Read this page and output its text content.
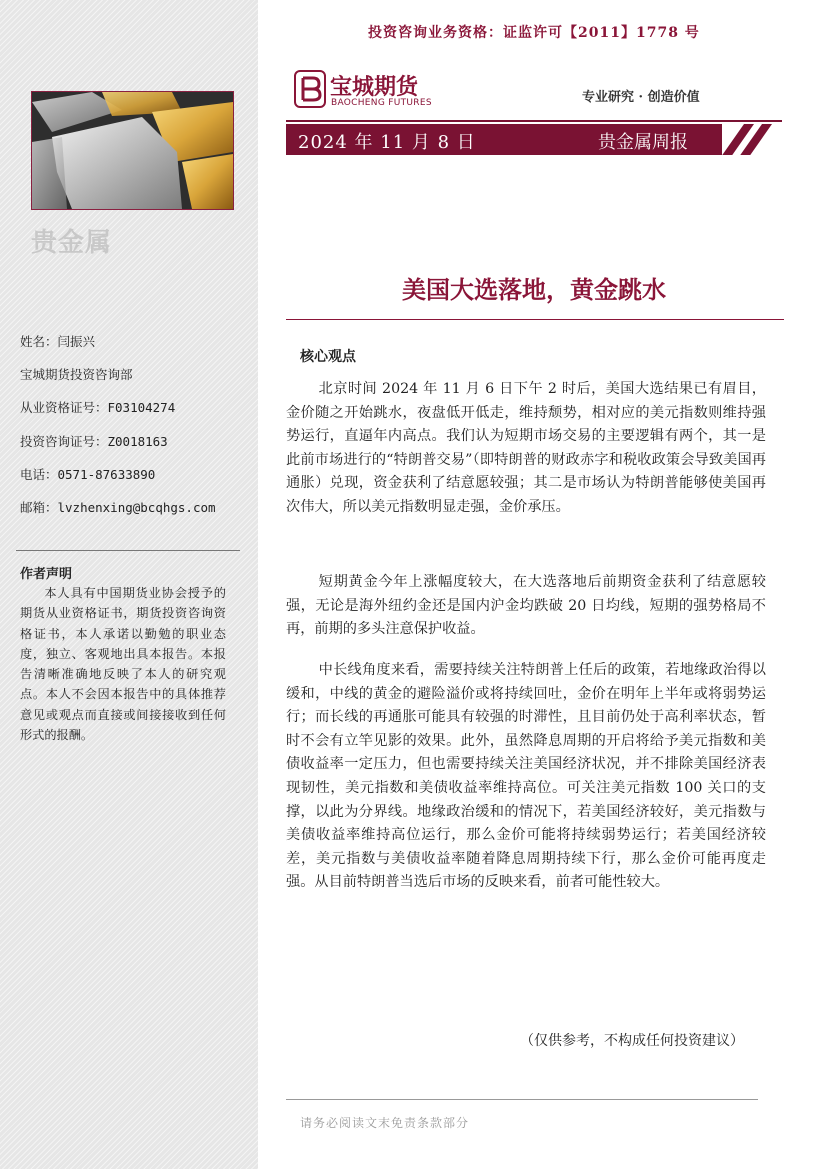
贵金属
姓名：闫振兴
宝城期货投资咨询部
从业资格证号：F03104274
投资咨询证号：Z0018163
电话：0571-87633890
邮箱：lvzhenxing@bcqhgs.com
作者声明
本人具有中国期货业协会授予的期货从业资格证书，期货投资咨询资格证书，本人承诺以勤勉的职业态度，独立、客观地出具本报告。本报告清晰准确地反映了本人的研究观点。本人不会因本报告中的具体推荐意见或观点而直接或间接接收到任何形式的报酬。
投资咨询业务资格：证监许可【2011】1778 号
宝城期货
BAOCHENG FUTURES	专业研究 · 创造价值
2024 年 11 月 8 日	贵金属周报
美国大选落地，黄金跳水
核心观点
北京时间 2024 年 11 月 6 日下午 2 时后，美国大选结果已有眉目，金价随之开始跳水，夜盘低开低走，维持颓势，相对应的美元指数则维持强势运行，直逼年内高点。我们认为短期市场交易的主要逻辑有两个，其一是此前市场进行的“特朗普交易”（即特朗普的财政赤字和税收政策会导致美国再通胀）兑现，资金获利了结意愿较强；其二是市场认为特朗普能够使美国再次伟大，所以美元指数明显走强，金价承压。
短期黄金今年上涨幅度较大，在大选落地后前期资金获利了结意愿较强，无论是海外纽约金还是国内沪金均跌破 20 日均线，短期的强势格局不再，前期的多头注意保护收益。
中长线角度来看，需要持续关注特朗普上任后的政策，若地缘政治得以缓和，中线的黄金的避险溢价或将持续回吐，金价在明年上半年或将弱势运行；而长线的再通胀可能具有较强的时滞性，且目前仍处于高利率状态，暂时不会有立竿见影的效果。此外，虽然降息周期的开启将给予美元指数和美债收益率一定压力，但也需要持续关注美国经济状况，并不排除美国经济表现韧性，美元指数和美债收益率维持高位。可关注美元指数 100 关口的支撑，以此为分界线。地缘政治缓和的情况下，若美国经济较好，美元指数与美债收益率维持高位运行，那么金价可能将持续弱势运行；若美国经济较差，美元指数与美债收益率随着降息周期持续下行，那么金价可能再度走强。从目前特朗普当选后市场的反映来看，前者可能性较大。
（仅供参考，不构成任何投资建议）
请务必阅读文末免责条款部分
